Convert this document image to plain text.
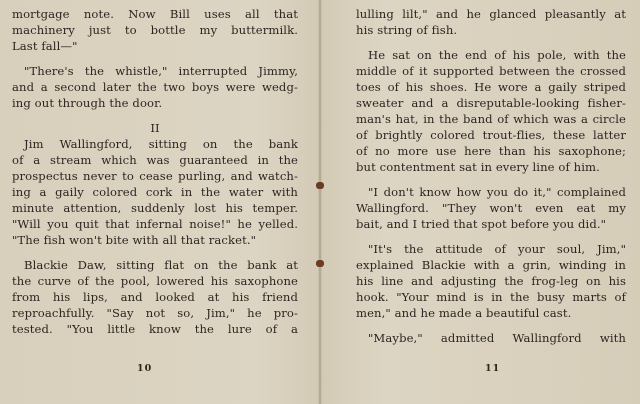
mortgage note. Now Bill uses all that
machinery just to bottle my buttermilk.
Last fall—"
"There's the whistle," interrupted Jimmy,
and a second later the two boys were wedg-
ing out through the door.
II
Jim Wallingford, sitting on the bank
of a stream which was guaranteed in the
prospectus never to cease purling, and watch-
ing a gaily colored cork in the water with
minute attention, suddenly lost his temper.
"Will you quit that infernal noise!" he yelled.
"The fish won't bite with all that racket."
Blackie Daw, sitting flat on the bank at
the curve of the pool, lowered his saxophone
from his lips, and looked at his friend
reproachfully. "Say not so, Jim," he pro-
tested. "You little know the lure of a
10
lulling lilt," and he glanced pleasantly at
his string of fish.
He sat on the end of his pole, with the
middle of it supported between the crossed
toes of his shoes. He wore a gaily striped
sweater and a disreputable-looking fisher-
man's hat, in the band of which was a circle
of brightly colored trout-flies, these latter
of no more use here than his saxophone;
but contentment sat in every line of him.
"I don't know how you do it," complained
Wallingford. "They won't even eat my
bait, and I tried that spot before you did."
"It's the attitude of your soul, Jim,"
explained Blackie with a grin, winding in
his line and adjusting the frog-leg on his
hook. "Your mind is in the busy marts of
men," and he made a beautiful cast.
"Maybe," admitted Wallingford with
11
